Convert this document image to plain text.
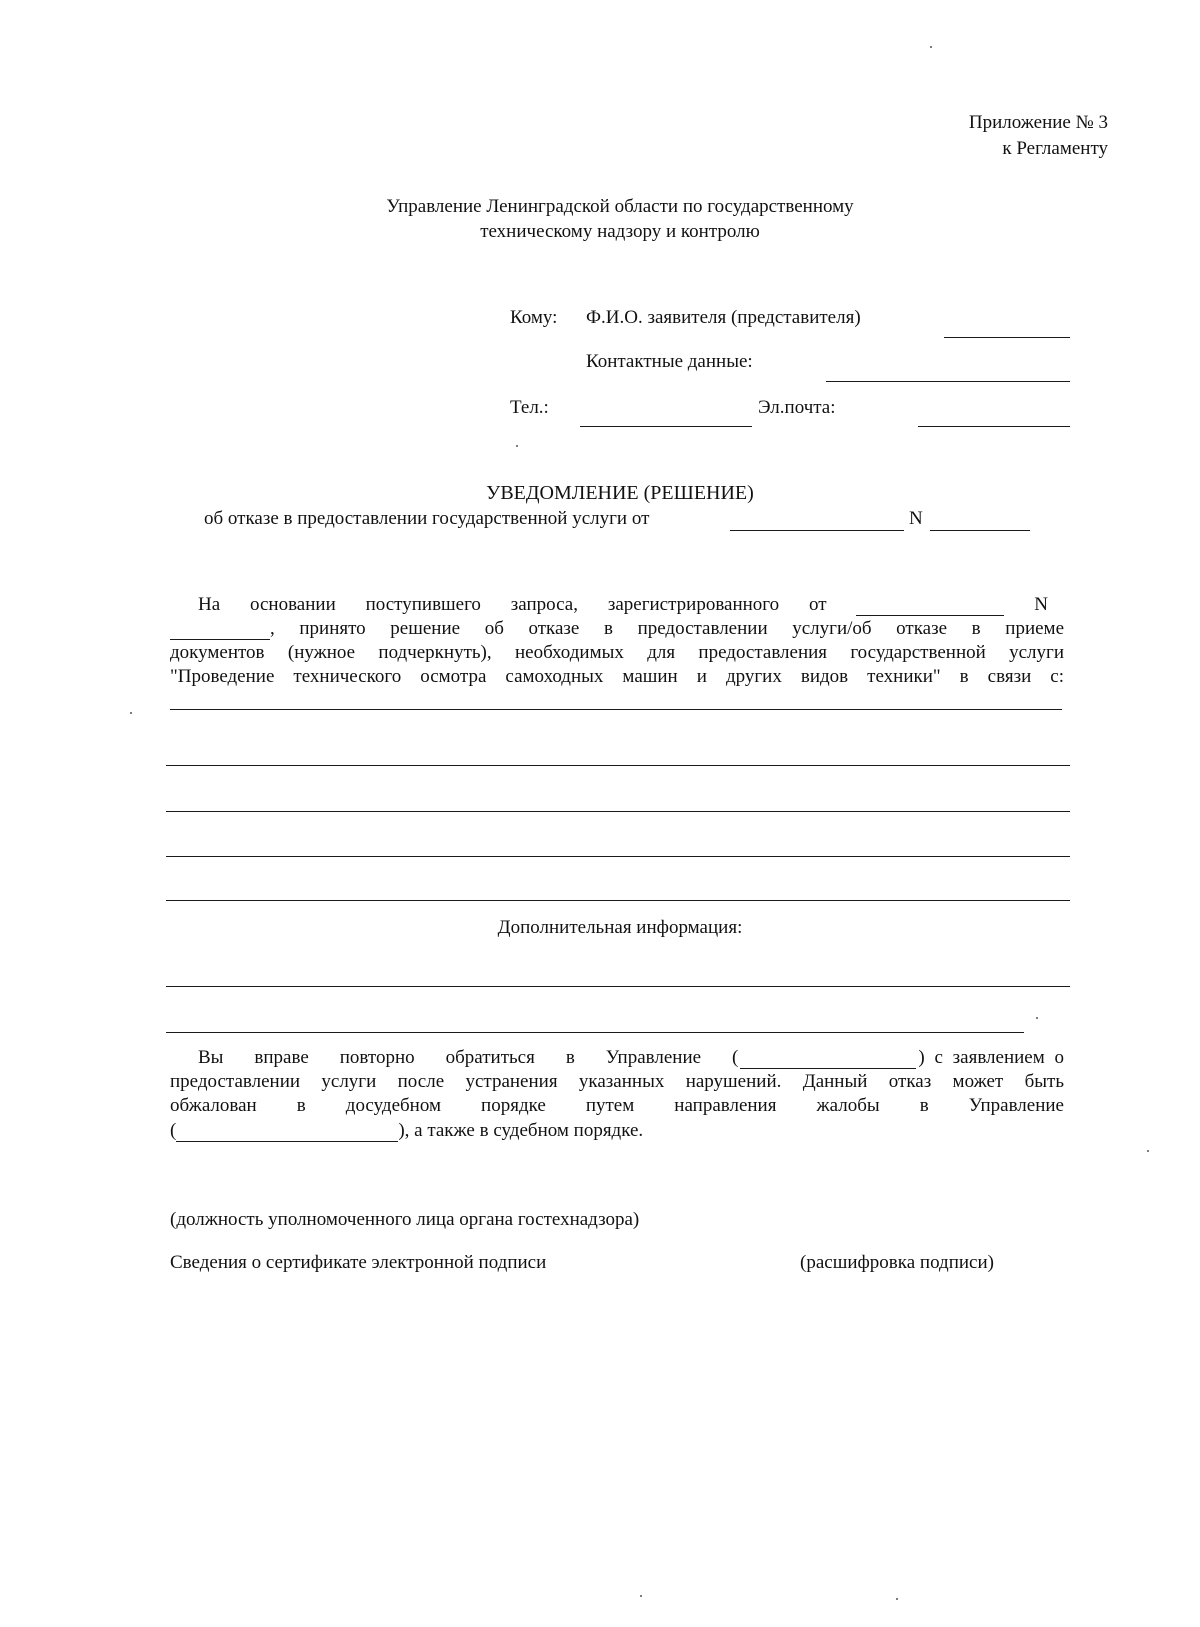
Приложение № 3
к Регламенту
Управление Ленинградской области по государственному
техническому надзору и контролю
Кому: Ф.И.О. заявителя (представителя)
Контактные данные:
Тел.:	Эл.почта:
УВЕДОМЛЕНИЕ (РЕШЕНИЕ)
об отказе в предоставлении государственной услуги от	N
На основании поступившего запроса, зарегистрированного от	N
, принято решение об отказе в предоставлении услуги/об отказе в приеме
документов (нужное подчеркнуть), необходимых для предоставления государственной услуги
"Проведение технического осмотра самоходных машин и других видов техники" в связи с:
Дополнительная информация:
Вы вправе повторно обратиться в Управление (	) с заявлением о
предоставлении услуги после устранения указанных нарушений. Данный отказ может быть
обжалован в досудебном порядке путем направления жалобы в Управление
(	), а также в судебном порядке.
(должность уполномоченного лица органа гостехнадзора)
Сведения о сертификате электронной подписи	(расшифровка подписи)
